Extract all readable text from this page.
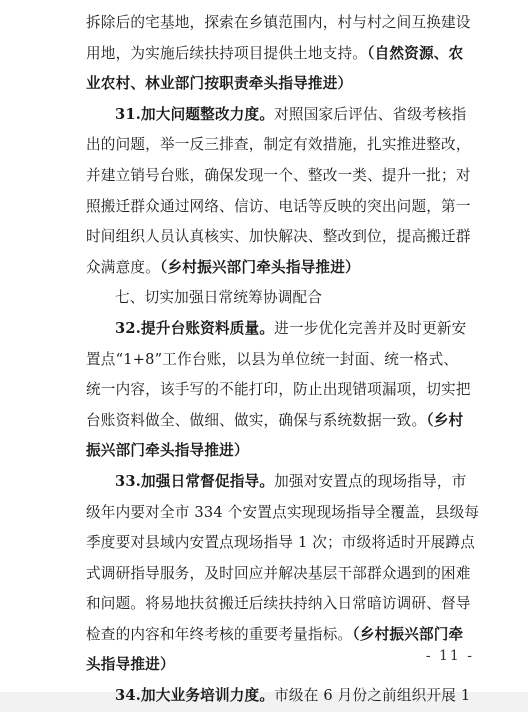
拆除后的宅基地，探索在乡镇范围内，村与村之间互换建设
用地，为实施后续扶持项目提供土地支持。（自然资源、农
业农村、林业部门按职责牵头指导推进）
31.加大问题整改力度。对照国家后评估、省级考核指
出的问题，举一反三排查，制定有效措施，扎实推进整改，
并建立销号台账，确保发现一个、整改一类、提升一批；对
照搬迁群众通过网络、信访、电话等反映的突出问题，第一
时间组织人员认真核实、加快解决、整改到位，提高搬迁群
众满意度。（乡村振兴部门牵头指导推进）
七、切实加强日常统筹协调配合
32.提升台账资料质量。进一步优化完善并及时更新安
置点“1+8”工作台账，以县为单位统一封面、统一格式、
统一内容，该手写的不能打印，防止出现错项漏项，切实把
台账资料做全、做细、做实，确保与系统数据一致。（乡村
振兴部门牵头指导推进）
33.加强日常督促指导。加强对安置点的现场指导，市
级年内要对全市 334 个安置点实现现场指导全覆盖，县级每
季度要对县域内安置点现场指导 1 次；市级将适时开展蹲点
式调研指导服务，及时回应并解决基层干部群众遇到的困难
和问题。将易地扶贫搬迁后续扶持纳入日常暗访调研、督导
检查的内容和年终考核的重要考量指标。（乡村振兴部门牵
头指导推进）
34.加大业务培训力度。市级在 6 月份之前组织开展 1
- 11 -
